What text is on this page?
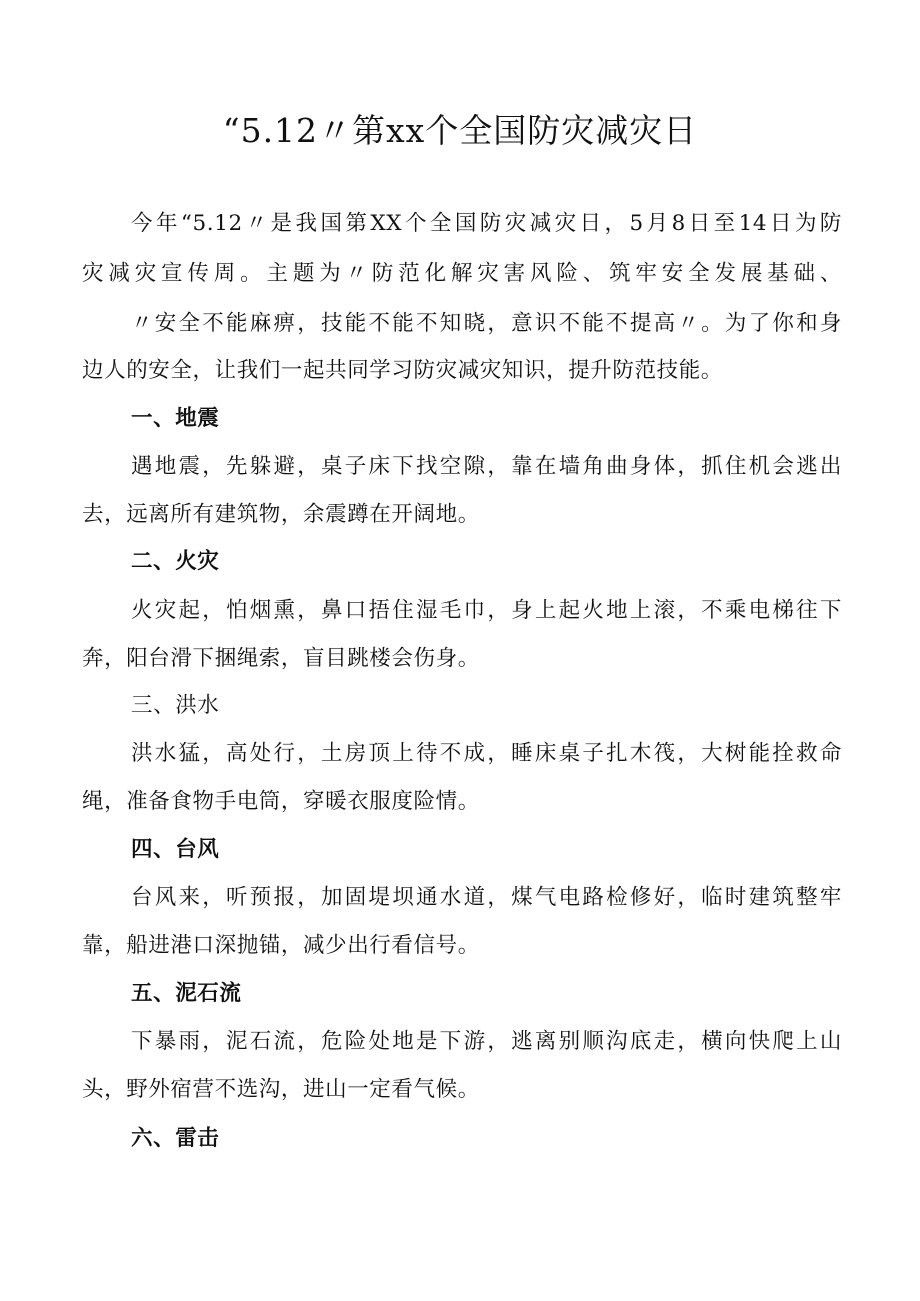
“5.12〃第xx个全国防灾减灾日

今年“5.12〃是我国第XX个全国防灾减灾日，5月8日至14日为防

灾减灾宣传周。主题为〃防范化解灾害风险、筑牢安全发展基础、

〃安全不能麻痹，技能不能不知晓，意识不能不提高〃。为了你和身

边人的安全，让我们一起共同学习防灾减灾知识，提升防范技能。

一、地震

遇地震，先躲避，桌子床下找空隙，靠在墙角曲身体，抓住机会逃出

去，远离所有建筑物，余震蹲在开阔地。

二、火灾

火灾起，怕烟熏，鼻口捂住湿毛巾，身上起火地上滚，不乘电梯往下

奔，阳台滑下捆绳索，盲目跳楼会伤身。

三、洪水

洪水猛，高处行，土房顶上待不成，睡床桌子扎木筏，大树能拴救命

绳，准备食物手电筒，穿暖衣服度险情。

四、台风

台风来，听预报，加固堤坝通水道，煤气电路检修好，临时建筑整牢

靠，船进港口深抛锚，减少出行看信号。

五、泥石流

下暴雨，泥石流，危险处地是下游，逃离别顺沟底走，横向快爬上山

头，野外宿营不选沟，进山一定看气候。

六、雷击
